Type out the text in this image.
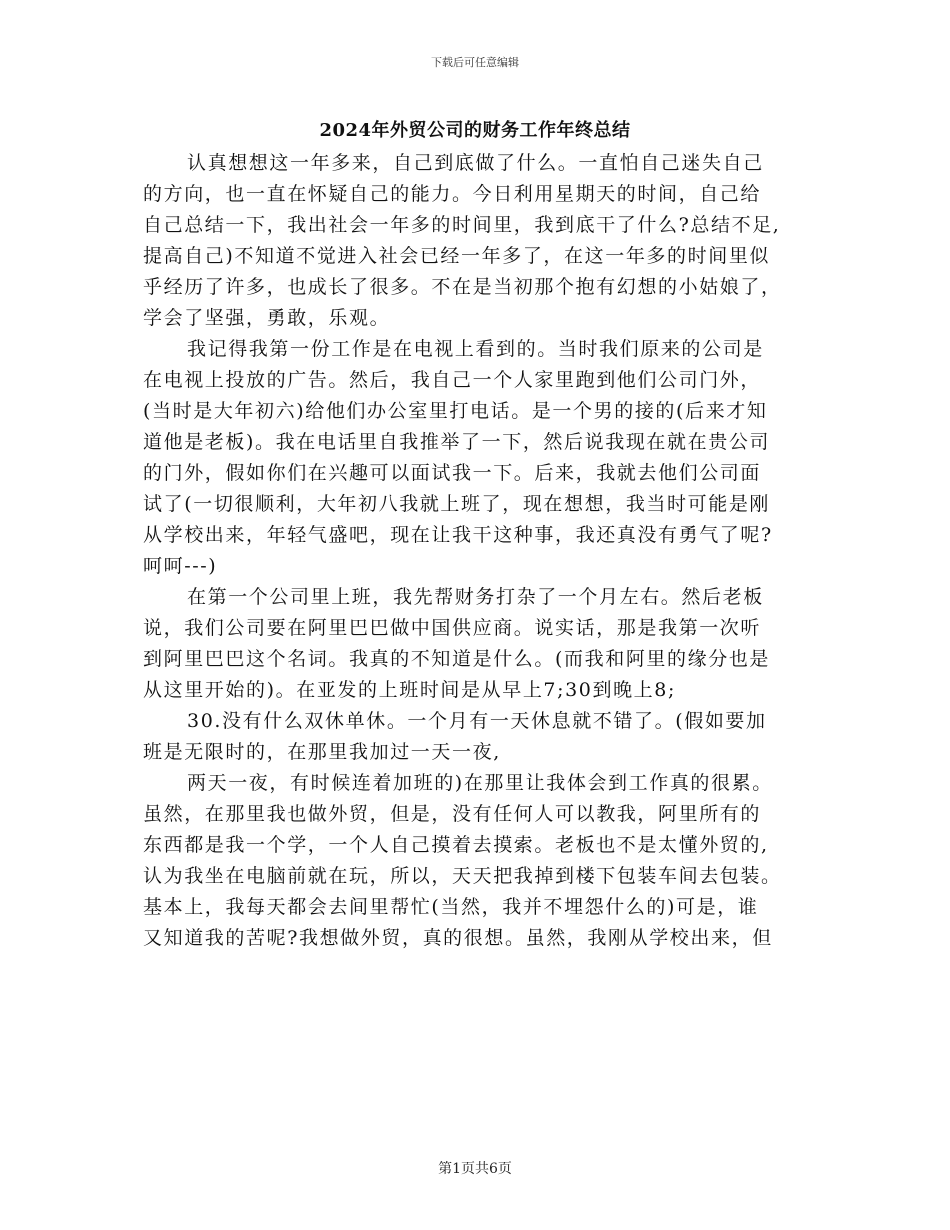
下载后可任意编辑
2024年外贸公司的财务工作年终总结
认真想想这一年多来，自己到底做了什么。一直怕自己迷失自己
的方向，也一直在怀疑自己的能力。今日利用星期天的时间，自己给
自己总结一下，我出社会一年多的时间里，我到底干了什么?总结不足,
提高自己)不知道不觉进入社会已经一年多了，在这一年多的时间里似
乎经历了许多，也成长了很多。不在是当初那个抱有幻想的小姑娘了，
学会了坚强，勇敢，乐观。
我记得我第一份工作是在电视上看到的。当时我们原来的公司是
在电视上投放的广告。然后，我自己一个人家里跑到他们公司门外，
(当时是大年初六)给他们办公室里打电话。是一个男的接的(后来才知
道他是老板)。我在电话里自我推举了一下，然后说我现在就在贵公司
的门外，假如你们在兴趣可以面试我一下。后来，我就去他们公司面
试了(一切很顺利，大年初八我就上班了，现在想想，我当时可能是刚
从学校出来，年轻气盛吧，现在让我干这种事，我还真没有勇气了呢?
呵呵---)
在第一个公司里上班，我先帮财务打杂了一个月左右。然后老板
说，我们公司要在阿里巴巴做中国供应商。说实话，那是我第一次听
到阿里巴巴这个名词。我真的不知道是什么。(而我和阿里的缘分也是
从这里开始的)。在亚发的上班时间是从早上7;30到晚上8;
30.没有什么双休单休。一个月有一天休息就不错了。(假如要加
班是无限时的，在那里我加过一天一夜,
两天一夜，有时候连着加班的)在那里让我体会到工作真的很累。
虽然，在那里我也做外贸，但是，没有任何人可以教我，阿里所有的
东西都是我一个学，一个人自己摸着去摸索。老板也不是太懂外贸的,
认为我坐在电脑前就在玩，所以，天天把我掉到楼下包装车间去包装。
基本上，我每天都会去间里帮忙(当然，我并不埋怨什么的)可是，谁
又知道我的苦呢?我想做外贸，真的很想。虽然，我刚从学校出来，但
第1页共6页
